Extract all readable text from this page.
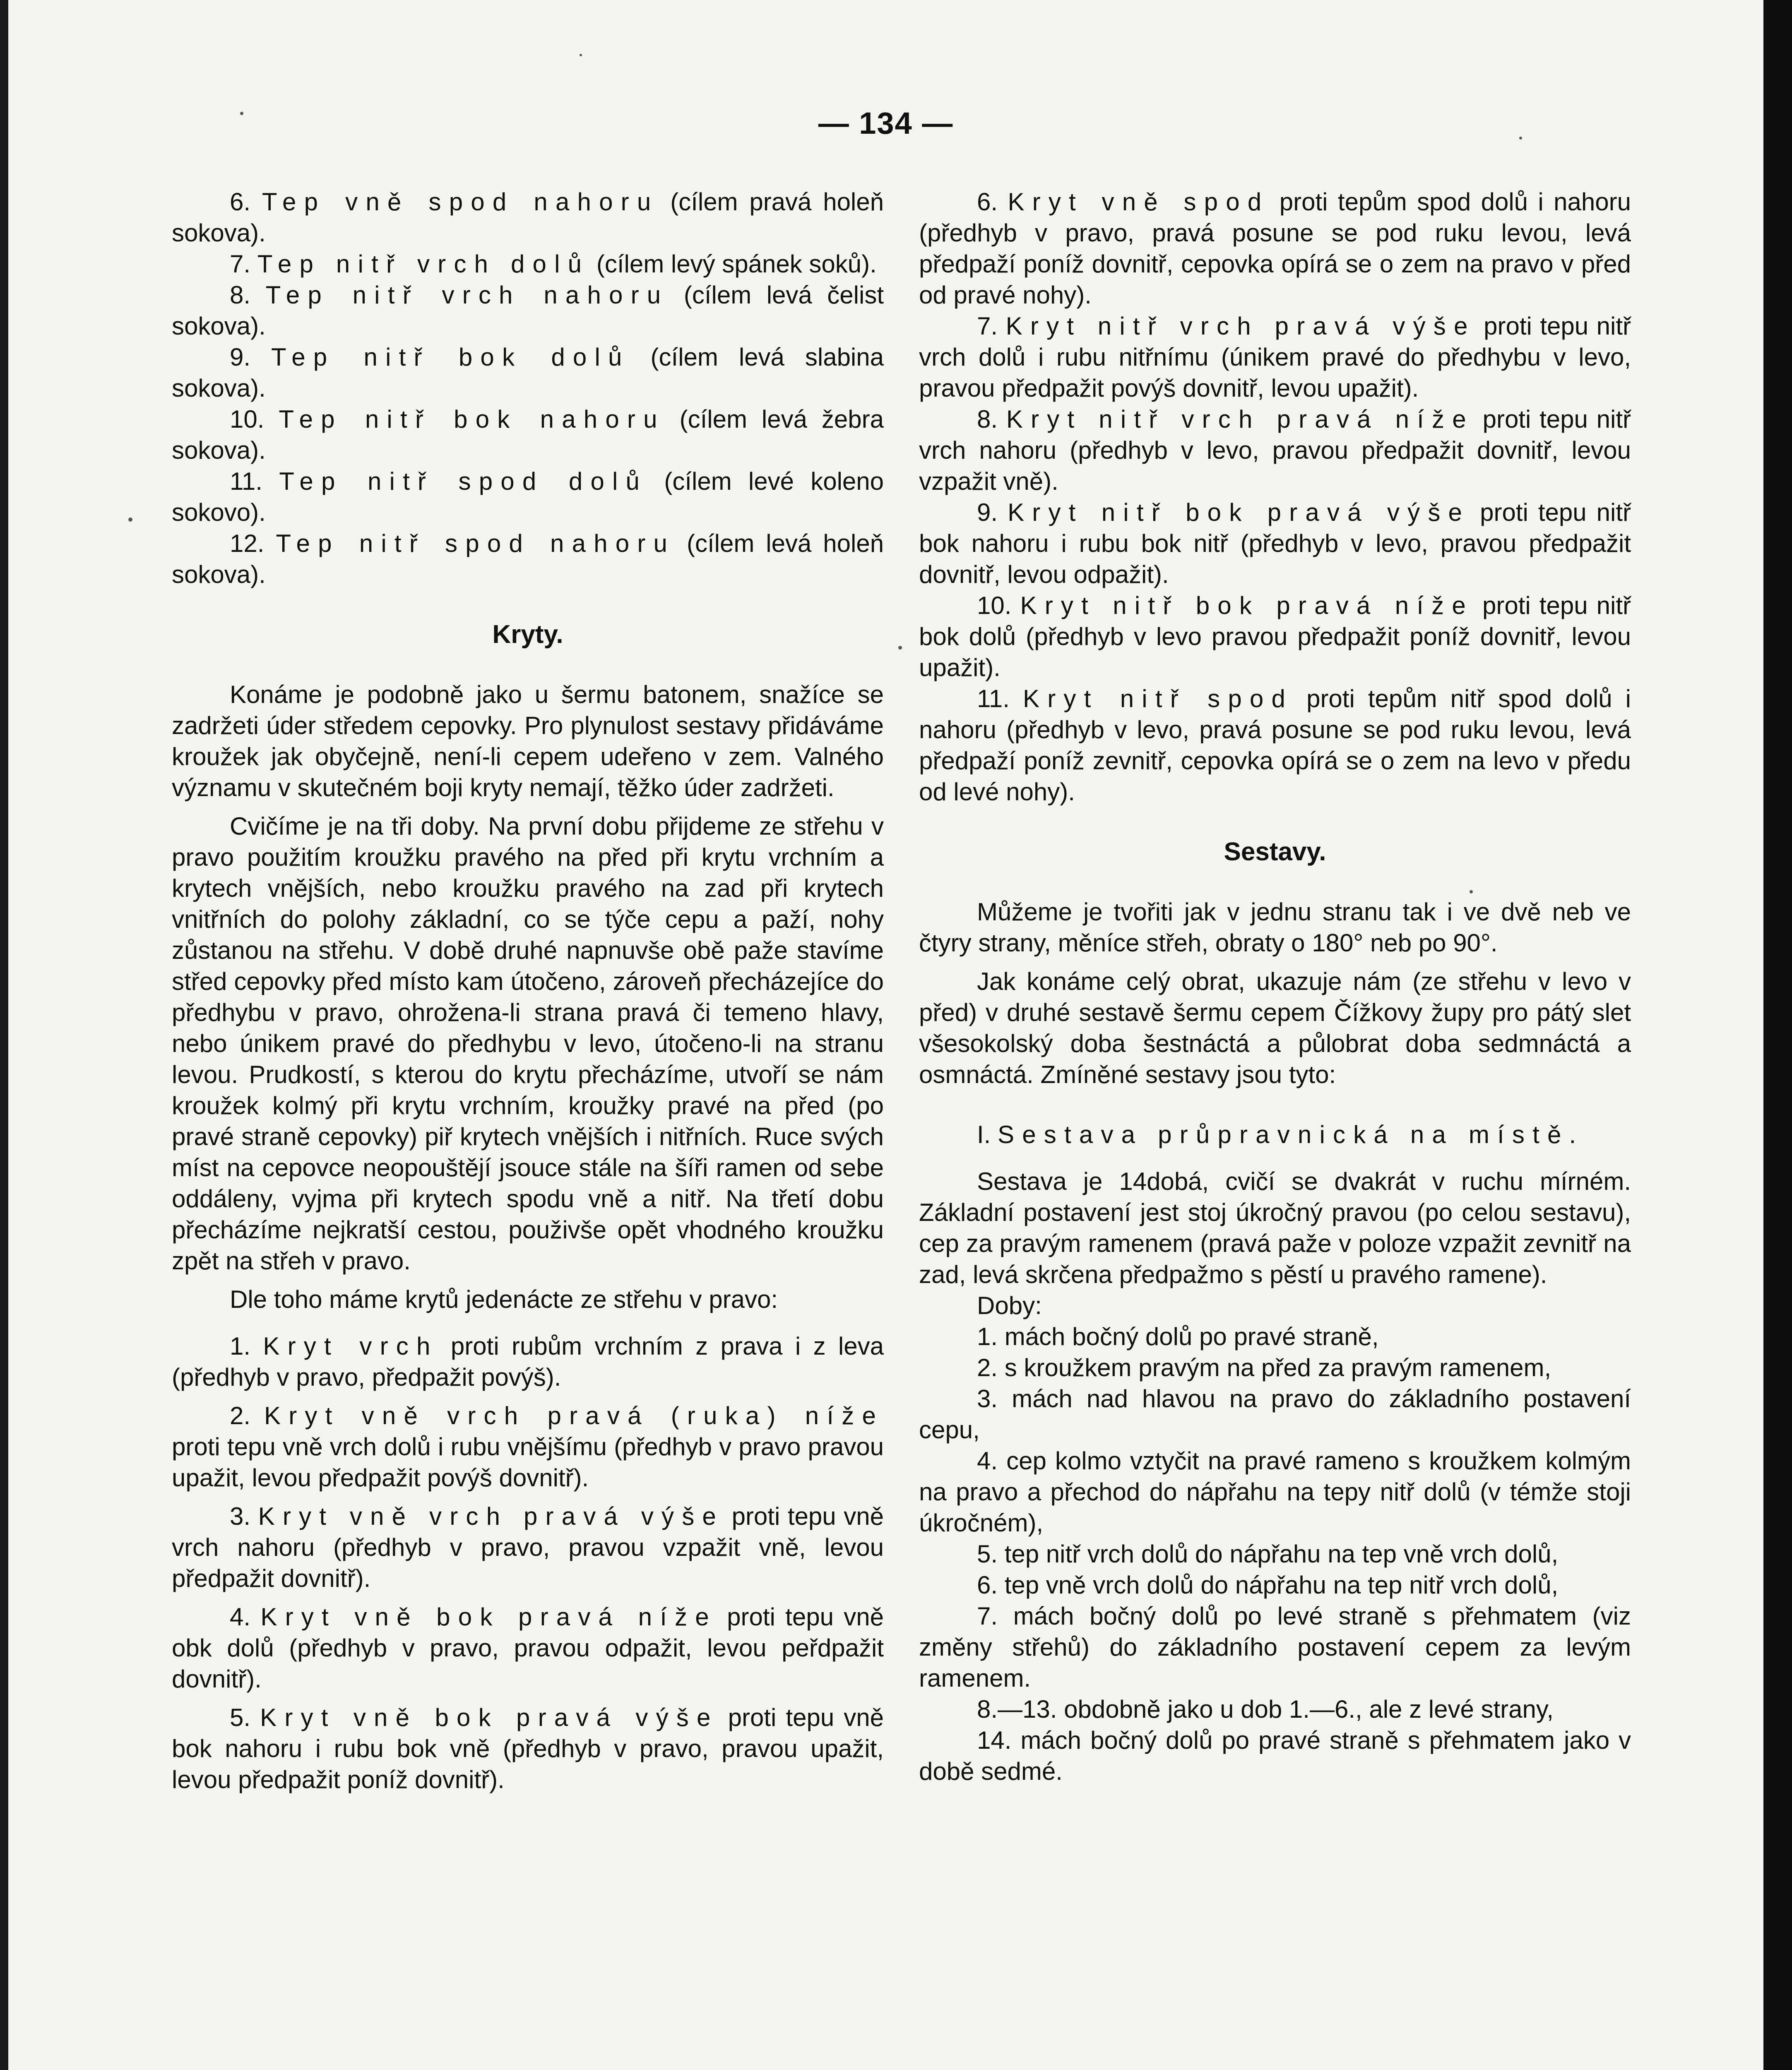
— 134 —

6. Tep vně spod nahoru (cílem pravá holeň sokova).

7. Tep nitř vrch dolů (cílem levý spánek soků).

8. Tep nitř vrch nahoru (cílem levá čelist sokova).

9. Tep nitř bok dolů (cílem levá slabina sokova).

10. Tep nitř bok nahoru (cílem levá žebra sokova).

11. Tep nitř spod dolů (cílem levé koleno sokovo).

12. Tep nitř spod nahoru (cílem levá holeň sokova).

Kryty.

Konáme je podobně jako u šermu batonem, snažíce se zadržeti úder středem cepovky. Pro plynulost sestavy přidáváme kroužek jak obyčejně, není-li cepem udeřeno v zem. Valného významu v skutečném boji kryty nemají, těžko úder zadržeti.

Cvičíme je na tři doby. Na první dobu přijdeme ze střehu v pravo použitím kroužku pravého na před při krytu vrchním a krytech vnějších, nebo kroužku pravého na zad při krytech vnitřních do polohy základní, co se týče cepu a paží, nohy zůstanou na střehu. V době druhé napnuvše obě paže stavíme střed cepovky před místo kam útočeno, zároveň přecházejíce do předhybu v pravo, ohrožena-li strana pravá či temeno hlavy, nebo únikem pravé do předhybu v levo, útočeno-li na stranu levou. Prudkostí, s kterou do krytu přecházíme, utvoří se nám kroužek kolmý při krytu vrchním, kroužky pravé na před (po pravé straně cepovky) piř krytech vnějších i nitřních. Ruce svých míst na cepovce neopouštějí jsouce stále na šíři ramen od sebe oddáleny, vyjma při krytech spodu vně a nitř. Na třetí dobu přecházíme nejkratší cestou, použivše opět vhodného kroužku zpět na střeh v pravo.

Dle toho máme krytů jedenácte ze střehu v pravo:

1. Kryt vrch proti rubům vrchním z prava i z leva (předhyb v pravo, předpažit povýš).

2. Kryt vně vrch pravá (ruka) níže proti tepu vně vrch dolů i rubu vnějšímu (předhyb v pravo pravou upažit, levou předpažit povýš dovnitř).

3. Kryt vně vrch pravá výše proti tepu vně vrch nahoru (předhyb v pravo, pravou vzpažit vně, levou předpažit dovnitř).

4. Kryt vně bok pravá níže proti tepu vně obk dolů (předhyb v pravo, pravou odpažit, levou peřdpažit dovnitř).

5. Kryt vně bok pravá výše proti tepu vně bok nahoru i rubu bok vně (předhyb v pravo, pravou upažit, levou předpažit poníž dovnitř).

6. Kryt vně spod proti tepům spod dolů i nahoru (předhyb v pravo, pravá posune se pod ruku levou, levá předpaží poníž dovnitř, cepovka opírá se o zem na pravo v před od pravé nohy).

7. Kryt nitř vrch pravá výše proti tepu nitř vrch dolů i rubu nitřnímu (únikem pravé do předhybu v levo, pravou předpažit povýš dovnitř, levou upažit).

8. Kryt nitř vrch pravá níže proti tepu nitř vrch nahoru (předhyb v levo, pravou předpažit dovnitř, levou vzpažit vně).

9. Kryt nitř bok pravá výše proti tepu nitř bok nahoru i rubu bok nitř (předhyb v levo, pravou předpažit dovnitř, levou odpažit).

10. Kryt nitř bok pravá níže proti tepu nitř bok dolů (předhyb v levo pravou předpažit poníž dovnitř, levou upažit).

11. Kryt nitř spod proti tepům nitř spod dolů i nahoru (předhyb v levo, pravá posune se pod ruku levou, levá předpaží poníž zevnitř, cepovka opírá se o zem na levo v předu od levé nohy).

Sestavy.

Můžeme je tvořiti jak v jednu stranu tak i ve dvě neb ve čtyry strany, měníce střeh, obraty o 180° neb po 90°.

Jak konáme celý obrat, ukazuje nám (ze střehu v levo v před) v druhé sestavě šermu cepem Čížkovy župy pro pátý slet všesokolský doba šestnáctá a půlobrat doba sedmnáctá a osmnáctá. Zmíněné sestavy jsou tyto:

I. Sestava průpravnická na místě.

Sestava je 14dobá, cvičí se dvakrát v ruchu mírném. Základní postavení jest stoj úkročný pravou (po celou sestavu), cep za pravým ramenem (pravá paže v poloze vzpažit zevnitř na zad, levá skrčena předpažmo s pěstí u pravého ramene).

Doby:

1. mách bočný dolů po pravé straně,

2. s kroužkem pravým na před za pravým ramenem,

3. mách nad hlavou na pravo do základního postavení cepu,

4. cep kolmo vztyčit na pravé rameno s kroužkem kolmým na pravo a přechod do nápřahu na tepy nitř dolů (v témže stoji úkročném),

5. tep nitř vrch dolů do nápřahu na tep vně vrch dolů,

6. tep vně vrch dolů do nápřahu na tep nitř vrch dolů,

7. mách bočný dolů po levé straně s přehmatem (viz změny střehů) do základního postavení cepem za levým ramenem.

8.—13. obdobně jako u dob 1.—6., ale z levé strany,

14. mách bočný dolů po pravé straně s přehmatem jako v době sedmé.
